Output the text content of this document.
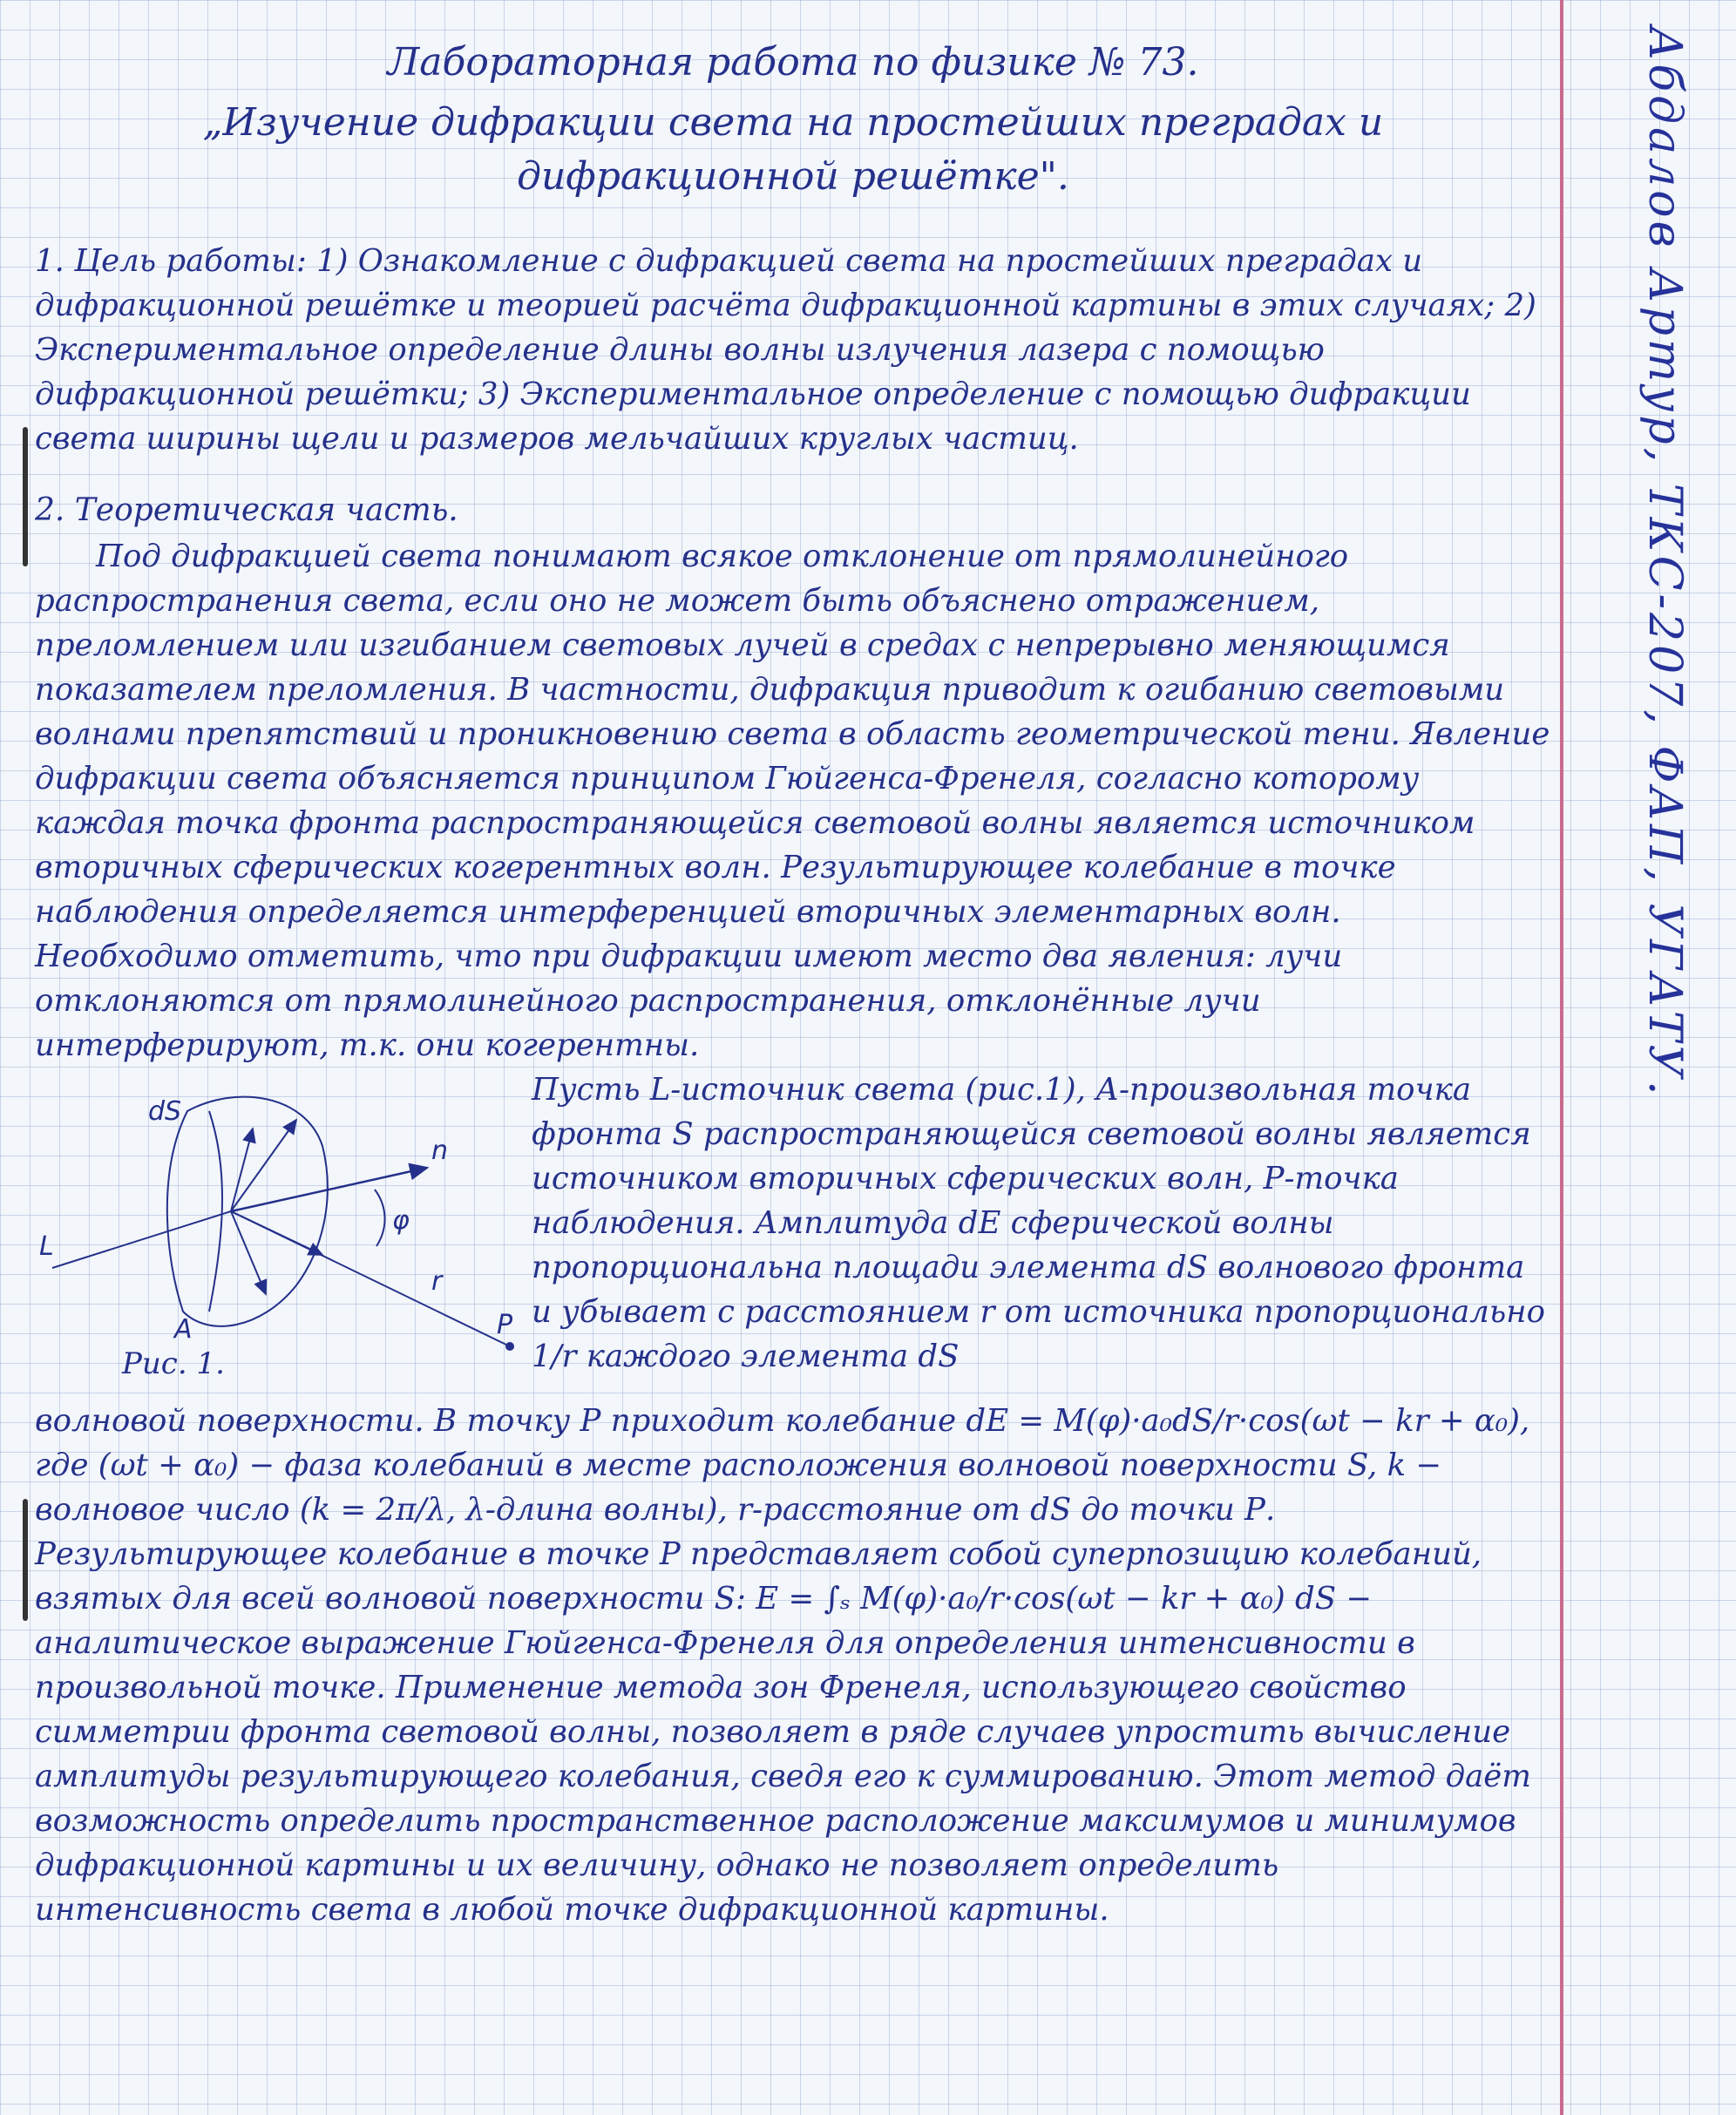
Абдалов Артур, ТКС-207, ФАП, УГАТУ.
Лабораторная работа по физике № 73.
„Изучение дифракции света на простейших преградах и
дифракционной решётке".

1. Цель работы: 1) Ознакомление с дифракцией света на простейших преградах и дифракционной решётке и теорией расчёта дифракционной картины в этих случаях; 2) Экспериментальное определение длины волны излучения лазера с помощью дифракционной решётки; 3) Экспериментальное определение с помощью дифракции света ширины щели и размеров мельчайших круглых частиц.

2. Теоретическая часть.

Под дифракцией света понимают всякое отклонение от прямолинейного распространения света, если оно не может быть объяснено отражением, преломлением или изгибанием световых лучей в средах с непрерывно меняющимся показателем преломления. В частности, дифракция приводит к огибанию световыми волнами препятствий и проникновению света в область геометрической тени. Явление дифракции света объясняется принципом Гюйгенса-Френеля, согласно которому каждая точка фронта распространяющейся световой волны является источником вторичных сферических когерентных волн. Результирующее колебание в точке наблюдения определяется интерференцией вторичных элементарных волн. Необходимо отметить, что при дифракции имеют место два явления: лучи отклоняются от прямолинейного распространения, отклонённые лучи интерферируют, т.к. они когерентны.

dS
n
L
φ
r
A	P
Рис. 1.

Пусть L-источник света (рис.1), А-произвольная точка фронта S распространяющейся световой волны является источником вторичных сферических волн, Р-точка наблюдения. Амплитуда dE сферической волны пропорциональна площади элемента dS волнового фронта и убывает с расстоянием r от источника пропорционально 1/r каждого элемента dS

волновой поверхности. В точку Р приходит колебание dE = M(φ)·a₀dS/r·cos(ωt − kr + α₀), где (ωt + α₀) − фаза колебаний в месте расположения волновой поверхности S, k − волновое число (k = 2π/λ, λ-длина волны), r-расстояние от dS до точки Р. Результирующее колебание в точке Р представляет собой суперпозицию колебаний, взятых для всей волновой поверхности S: E = ∫ₛ M(φ)·a₀/r·cos(ωt − kr + α₀) dS − аналитическое выражение Гюйгенса-Френеля для определения интенсивности в произвольной точке. Применение метода зон Френеля, использующего свойство симметрии фронта световой волны, позволяет в ряде случаев упростить вычисление амплитуды результирующего колебания, сведя его к суммированию. Этот метод даёт возможность определить пространственное расположение максимумов и минимумов дифракционной картины и их величину, однако не позволяет определить интенсивность света в любой точке дифракционной картины.
